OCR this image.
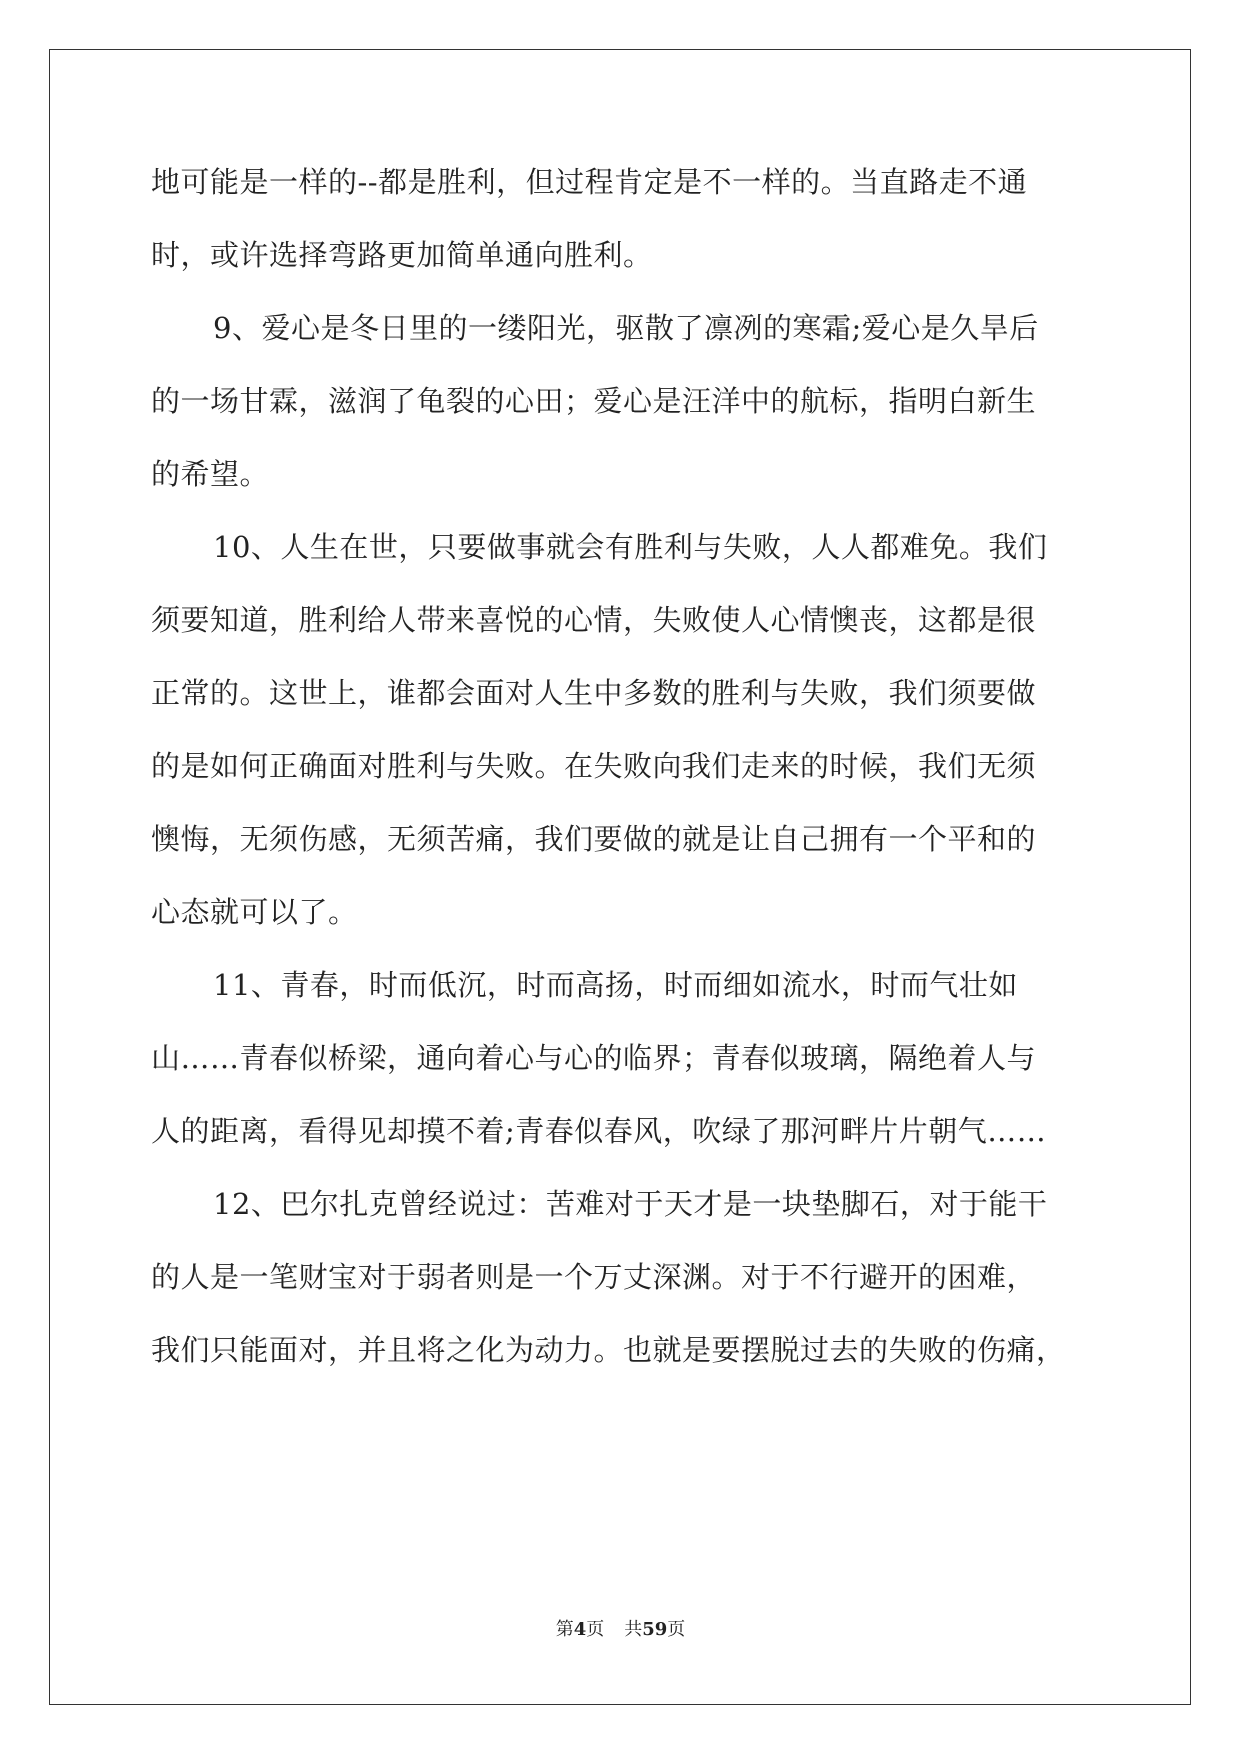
地可能是一样的--都是胜利，但过程肯定是不一样的。当直路走不通
时，或许选择弯路更加简单通向胜利。
9、爱心是冬日里的一缕阳光，驱散了凛冽的寒霜;爱心是久旱后
的一场甘霖，滋润了龟裂的心田；爱心是汪洋中的航标，指明白新生
的希望。
10、人生在世，只要做事就会有胜利与失败，人人都难免。我们
须要知道，胜利给人带来喜悦的心情，失败使人心情懊丧，这都是很
正常的。这世上，谁都会面对人生中多数的胜利与失败，我们须要做
的是如何正确面对胜利与失败。在失败向我们走来的时候，我们无须
懊悔，无须伤感，无须苦痛，我们要做的就是让自己拥有一个平和的
心态就可以了。
11、青春，时而低沉，时而高扬，时而细如流水，时而气壮如
山……青春似桥梁，通向着心与心的临界；青春似玻璃，隔绝着人与
人的距离，看得见却摸不着;青春似春风，吹绿了那河畔片片朝气……
12、巴尔扎克曾经说过：苦难对于天才是一块垫脚石，对于能干
的人是一笔财宝对于弱者则是一个万丈深渊。对于不行避开的困难，
我们只能面对，并且将之化为动力。也就是要摆脱过去的失败的伤痛，
第4页 共59页
